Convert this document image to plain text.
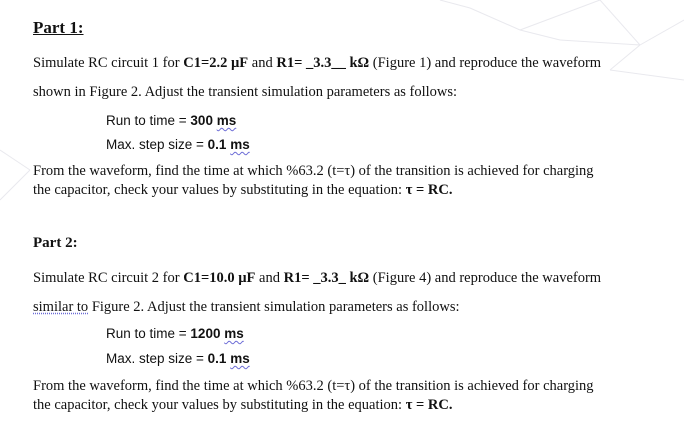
Part 1:
Simulate RC circuit 1 for C1=2.2 µF and R1= _3.3__ kΩ (Figure 1) and reproduce the waveform
shown in Figure 2. Adjust the transient simulation parameters as follows:
Run to time = 300 ms
Max. step size = 0.1 ms
From the waveform, find the time at which %63.2 (t=τ) of the transition is achieved for charging
the capacitor, check your values by substituting in the equation: τ = RC.
Part 2:
Simulate RC circuit 2 for C1=10.0 µF and R1= _3.3_ kΩ (Figure 4) and reproduce the waveform
similar to Figure 2. Adjust the transient simulation parameters as follows:
Run to time = 1200 ms
Max. step size = 0.1 ms
From the waveform, find the time at which %63.2 (t=τ) of the transition is achieved for charging
the capacitor, check your values by substituting in the equation: τ = RC.
